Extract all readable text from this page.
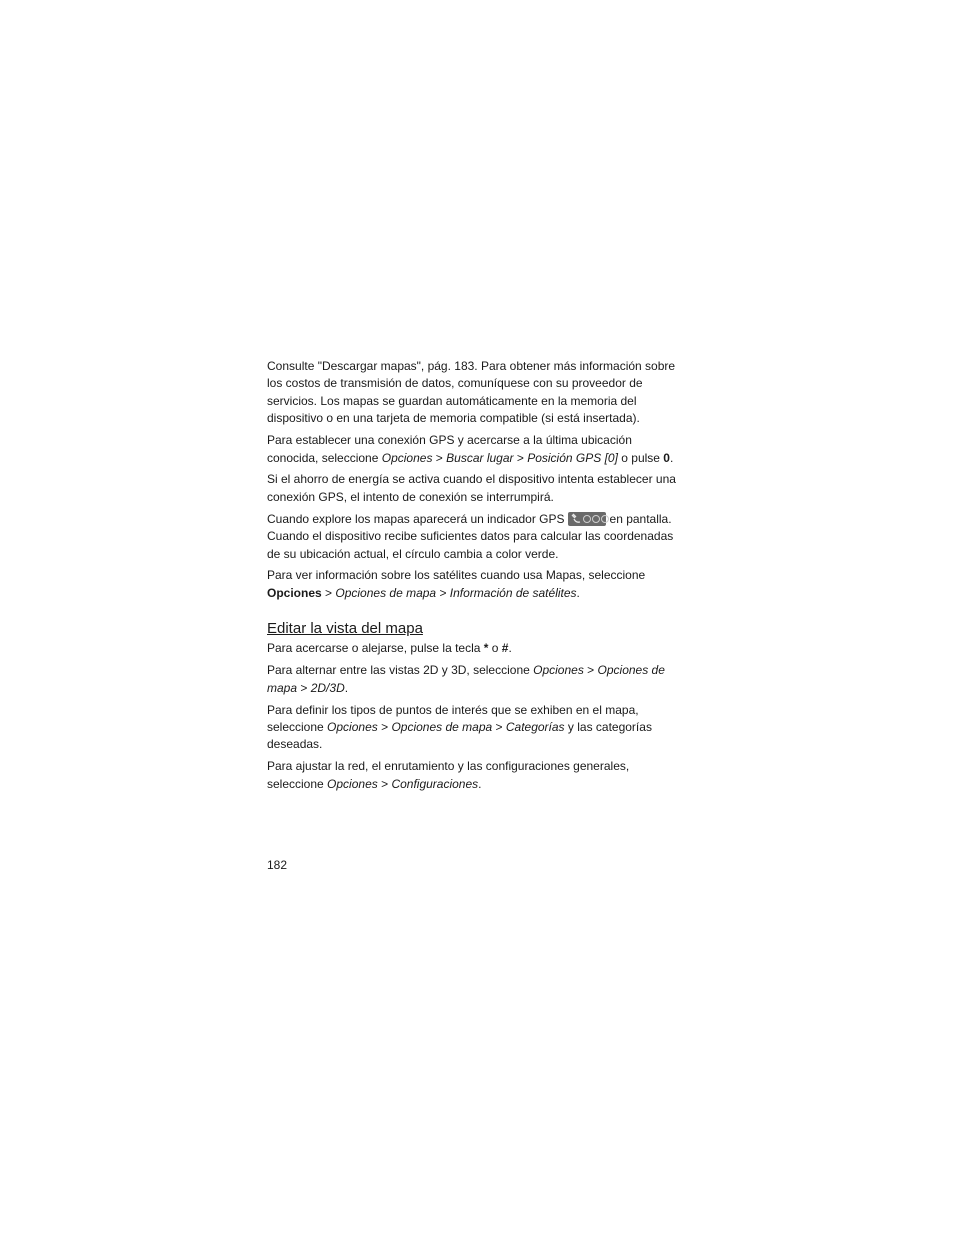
Consulte "Descargar mapas", pág. 183. Para obtener más información sobre los costos de transmisión de datos, comuníquese con su proveedor de servicios. Los mapas se guardan automáticamente en la memoria del dispositivo o en una tarjeta de memoria compatible (si está insertada).

Para establecer una conexión GPS y acercarse a la última ubicación conocida, seleccione Opciones > Buscar lugar > Posición GPS [0] o pulse 0.

Si el ahorro de energía se activa cuando el dispositivo intenta establecer una conexión GPS, el intento de conexión se interrumpirá.

Cuando explore los mapas aparecerá un indicador GPS	en pantalla. Cuando el dispositivo recibe suficientes datos para calcular las coordenadas de su ubicación actual, el círculo cambia a color verde.

Para ver información sobre los satélites cuando usa Mapas, seleccione Opciones > Opciones de mapa > Información de satélites.

Editar la vista del mapa

Para acercarse o alejarse, pulse la tecla * o #.

Para alternar entre las vistas 2D y 3D, seleccione Opciones > Opciones de mapa > 2D/3D.

Para definir los tipos de puntos de interés que se exhiben en el mapa, seleccione Opciones > Opciones de mapa > Categorías y las categorías deseadas.

Para ajustar la red, el enrutamiento y las configuraciones generales, seleccione Opciones > Configuraciones.

182
